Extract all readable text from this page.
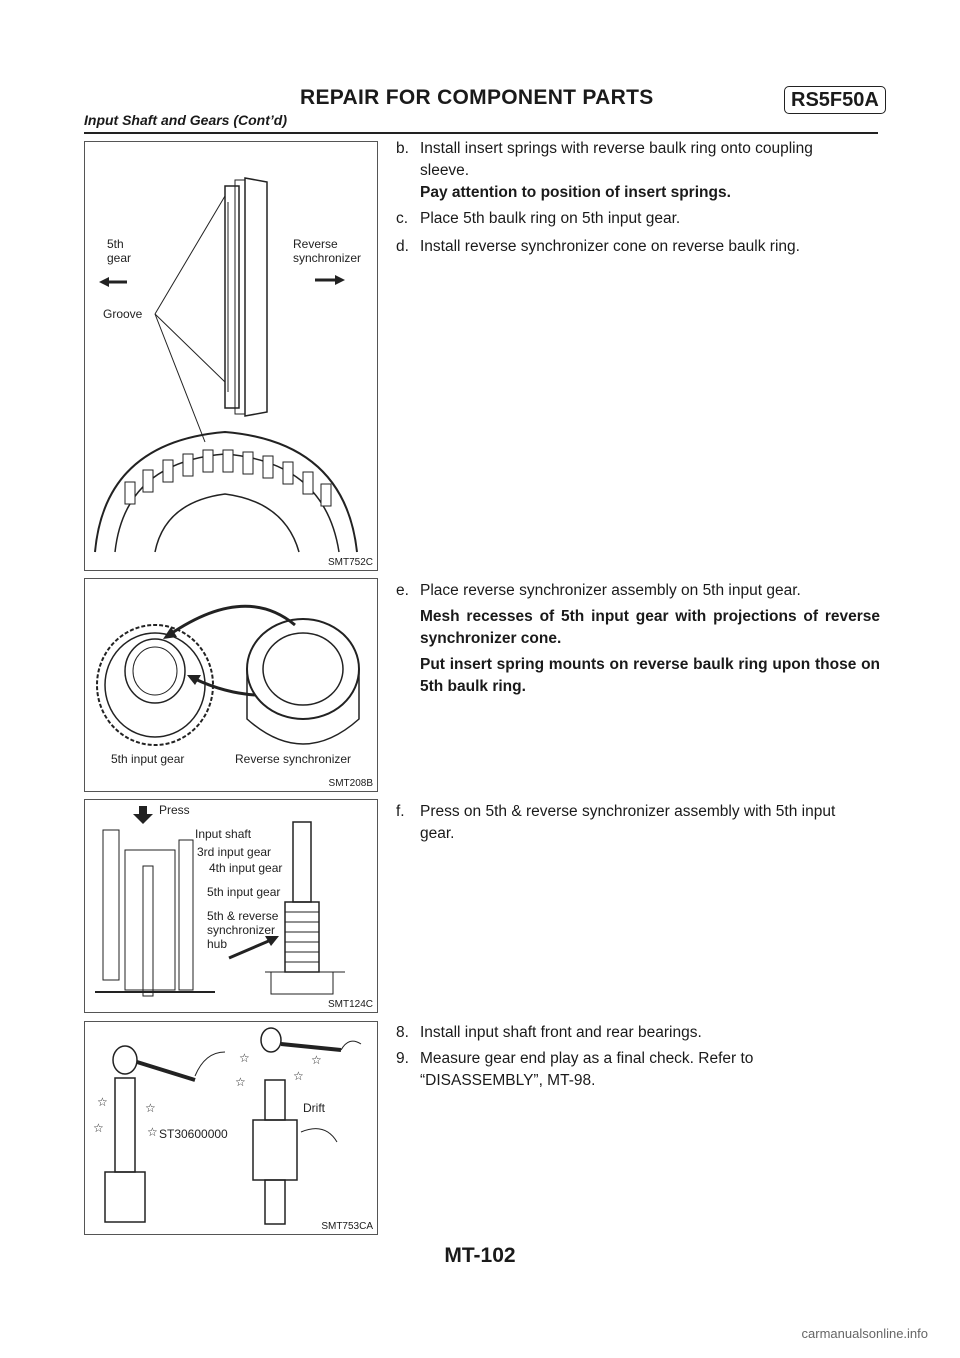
REPAIR FOR COMPONENT PARTS	RS5F50A
Input Shaft and Gears (Cont’d)
5th
gear
Reverse
synchronizer
Groove
SMT752C
5th input gear	Reverse synchronizer
SMT208B
Press
Input shaft
3rd input gear
4th input gear
5th input gear
5th & reverse
synchronizer
hub
SMT124C
☆
☆
☆
☆
☆
☆	☆
☆
ST30600000
Drift
SMT753CA
b. Install insert springs with reverse baulk ring onto coupling
sleeve.
Pay attention to position of insert springs.
c. Place 5th baulk ring on 5th input gear.
d. Install reverse synchronizer cone on reverse baulk ring.
e. Place reverse synchronizer assembly on 5th input gear.
Mesh recesses of 5th input gear with projections of reverse synchronizer cone.
Put insert spring mounts on reverse baulk ring upon those on 5th baulk ring.
f. Press on 5th & reverse synchronizer assembly with 5th input
gear.
8. Install input shaft front and rear bearings.
9. Measure gear end play as a final check. Refer to
“DISASSEMBLY”, MT-98.
MT-102
carmanualsonline.info
